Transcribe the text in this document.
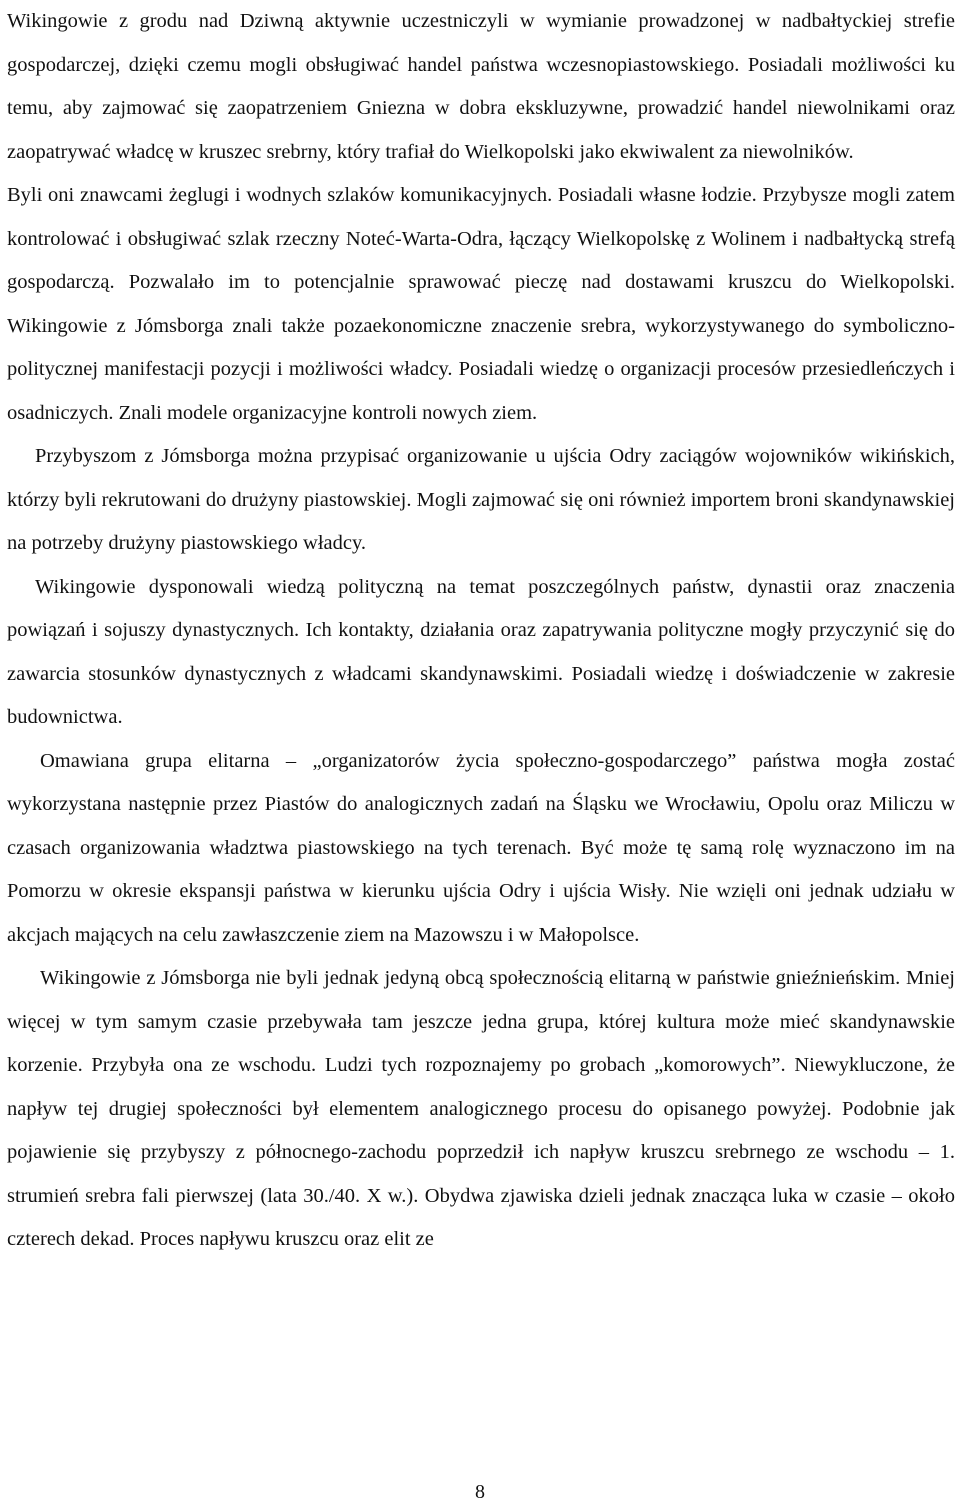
Wikingowie z grodu nad Dziwną aktywnie uczestniczyli w wymianie prowadzonej w nadbałtyckiej strefie gospodarczej, dzięki czemu mogli obsługiwać handel państwa wczesnopiastowskiego. Posiadali możliwości ku temu, aby zajmować się zaopatrzeniem Gniezna w dobra ekskluzywne, prowadzić handel niewolnikami oraz zaopatrywać władcę w kruszec srebrny, który trafiał do Wielkopolski jako ekwiwalent za niewolników.

Byli oni znawcami żeglugi i wodnych szlaków komunikacyjnych. Posiadali własne łodzie. Przybysze mogli zatem kontrolować i obsługiwać szlak rzeczny Noteć-Warta-Odra, łączący Wielkopolskę z Wolinem i nadbałtycką strefą gospodarczą. Pozwalało im to potencjalnie sprawować pieczę nad dostawami kruszcu do Wielkopolski. Wikingowie z Jómsborga znali także pozaekonomiczne znaczenie srebra, wykorzystywanego do symboliczno-politycznej manifestacji pozycji i możliwości władcy. Posiadali wiedzę o organizacji procesów przesiedleńczych i osadniczych. Znali modele organizacyjne kontroli nowych ziem.

Przybyszom z Jómsborga można przypisać organizowanie u ujścia Odry zaciągów wojowników wikińskich, którzy byli rekrutowani do drużyny piastowskiej. Mogli zajmować się oni również importem broni skandynawskiej na potrzeby drużyny piastowskiego władcy.

Wikingowie dysponowali wiedzą polityczną na temat poszczególnych państw, dynastii oraz znaczenia powiązań i sojuszy dynastycznych. Ich kontakty, działania oraz zapatrywania polityczne mogły przyczynić się do zawarcia stosunków dynastycznych z władcami skandynawskimi. Posiadali wiedzę i doświadczenie w zakresie budownictwa.

Omawiana grupa elitarna – „organizatorów życia społeczno-gospodarczego” państwa mogła zostać wykorzystana następnie przez Piastów do analogicznych zadań na Śląsku we Wrocławiu, Opolu oraz Miliczu w czasach organizowania władztwa piastowskiego na tych terenach. Być może tę samą rolę wyznaczono im na Pomorzu w okresie ekspansji państwa w kierunku ujścia Odry i ujścia Wisły. Nie wzięli oni jednak udziału w akcjach mających na celu zawłaszczenie ziem na Mazowszu i w Małopolsce.

Wikingowie z Jómsborga nie byli jednak jedyną obcą społecznością elitarną w państwie gnieźnieńskim. Mniej więcej w tym samym czasie przebywała tam jeszcze jedna grupa, której kultura może mieć skandynawskie korzenie. Przybyła ona ze wschodu. Ludzi tych rozpoznajemy po grobach „komorowych”. Niewykluczone, że napływ tej drugiej społeczności był elementem analogicznego procesu do opisanego powyżej. Podobnie jak pojawienie się przybyszy z północnego-zachodu poprzedził ich napływ kruszcu srebrnego ze wschodu – 1. strumień srebra fali pierwszej (lata 30./40. X w.). Obydwa zjawiska dzieli jednak znacząca luka w czasie – około czterech dekad. Proces napływu kruszcu oraz elit ze

8
